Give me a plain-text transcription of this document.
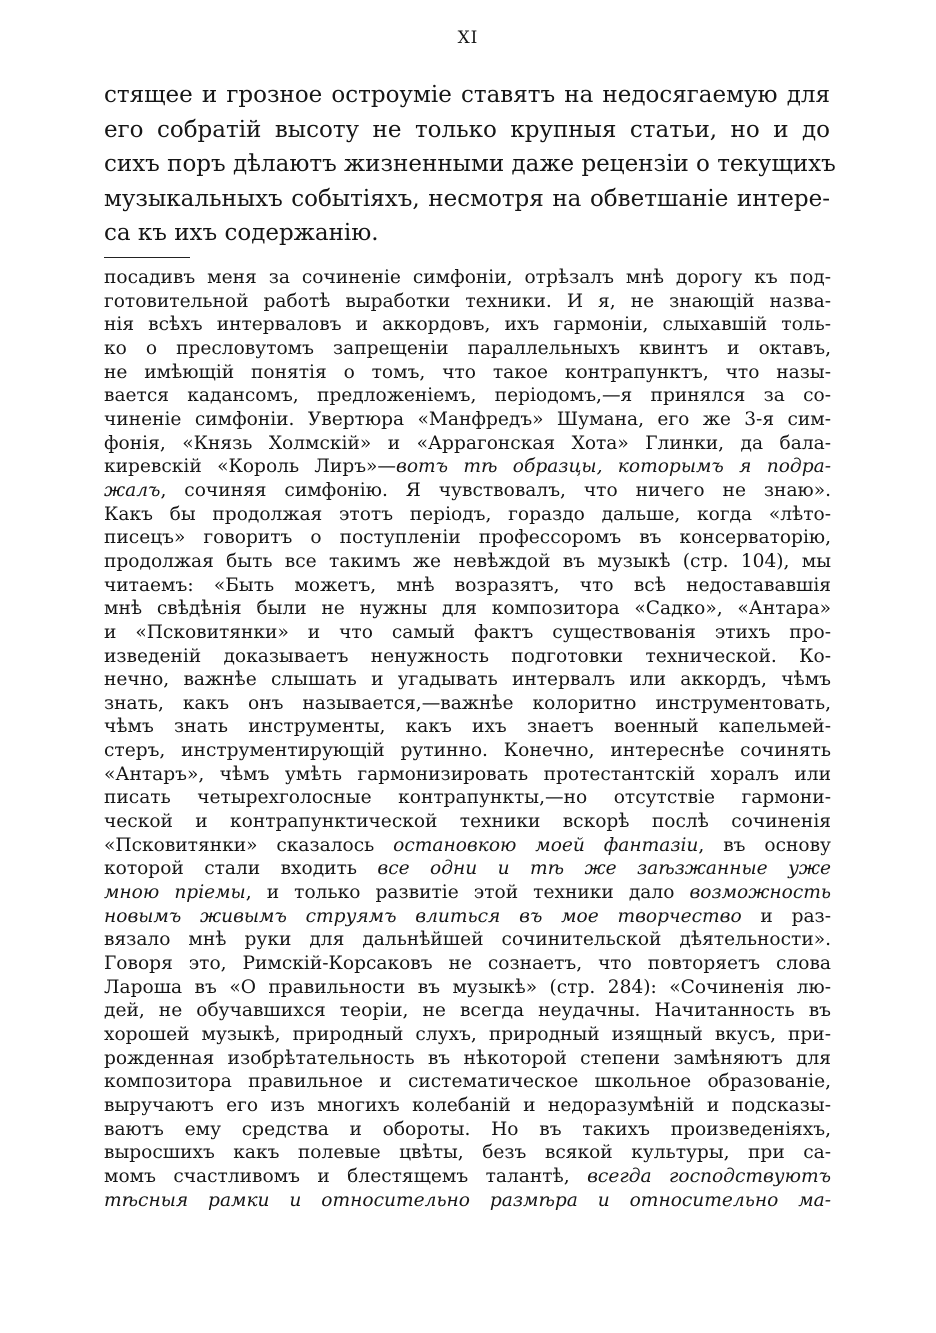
XI

стящее и грозное остроуміе ставятъ на недосягаемую для
его собратій высоту не только крупныя статьи, но и до
сихъ поръ дѣлаютъ жизненными даже рецензіи о текущихъ
музыкальныхъ событіяхъ, несмотря на обветшаніе интере-
са къ ихъ содержанію.

посадивъ меня за сочиненіе симфоніи, отрѣзалъ мнѣ дорогу къ под-
готовительной работѣ выработки техники. И я, не знающій назва-
нія всѣхъ интерваловъ и аккордовъ, ихъ гармоніи, слыхавшій толь-
ко о пресловутомъ запрещеніи параллельныхъ квинтъ и октавъ,
не имѣющій понятія о томъ, что такое контрапунктъ, что назы-
вается кадансомъ, предложеніемъ, періодомъ,—я принялся за со-
чиненіе симфоніи. Увертюра «Манфредъ» Шумана, его же 3-я сим-
фонія, «Князь Холмскій» и «Аррагонская Хота» Глинки, да бала-
киревскій «Король Лиръ»—вотъ тѣ образцы, которымъ я подра-
жалъ, сочиняя симфонію. Я чувствовалъ, что ничего не знаю».
Какъ бы продолжая этотъ періодъ, гораздо дальше, когда «лѣто-
писецъ» говоритъ о поступленіи профессоромъ въ консерваторію,
продолжая быть все такимъ же невѣждой въ музыкѣ (стр. 104), мы
читаемъ: «Быть можетъ, мнѣ возразятъ, что всѣ недостававшія
мнѣ свѣдѣнія были не нужны для композитора «Садко», «Антара»
и «Псковитянки» и что самый фактъ существованія этихъ про-
изведеній доказываетъ ненужность подготовки технической. Ко-
нечно, важнѣе слышать и угадывать интервалъ или аккордъ, чѣмъ
знать, какъ онъ называется,—важнѣе колоритно инструментовать,
чѣмъ знать инструменты, какъ ихъ знаетъ военный капельмей-
стеръ, инструментирующій рутинно. Конечно, интереснѣе сочинять
«Антаръ», чѣмъ умѣть гармонизировать протестантскій хоралъ или
писать четырехголосные контрапункты,—но отсутствіе гармони-
ческой и контрапунктической техники вскорѣ послѣ сочиненія
«Псковитянки» сказалось остановкою моей фантазіи, въ основу
которой стали входить все одни и тѣ же заѣзжанные уже
мною пріемы, и только развитіе этой техники дало возможность
новымъ живымъ струямъ влиться въ мое творчество и раз-
вязало мнѣ руки для дальнѣйшей сочинительской дѣятельности».
Говоря это, Римскій-Корсаковъ не сознаетъ, что повторяетъ слова
Лароша въ «О правильности въ музыкѣ» (стр. 284): «Сочиненія лю-
дей, не обучавшихся теоріи, не всегда неудачны. Начитанность въ
хорошей музыкѣ, природный слухъ, природный изящный вкусъ, при-
рожденная изобрѣтательность въ нѣкоторой степени замѣняютъ для
композитора правильное и систематическое школьное образованіе,
выручаютъ его изъ многихъ колебаній и недоразумѣній и подсказы-
ваютъ ему средства и обороты. Но въ такихъ произведеніяхъ,
выросшихъ какъ полевые цвѣты, безъ всякой культуры, при са-
момъ счастливомъ и блестящемъ талантѣ, всегда господствуютъ
тѣсныя рамки и относительно размѣра и относительно ма-
